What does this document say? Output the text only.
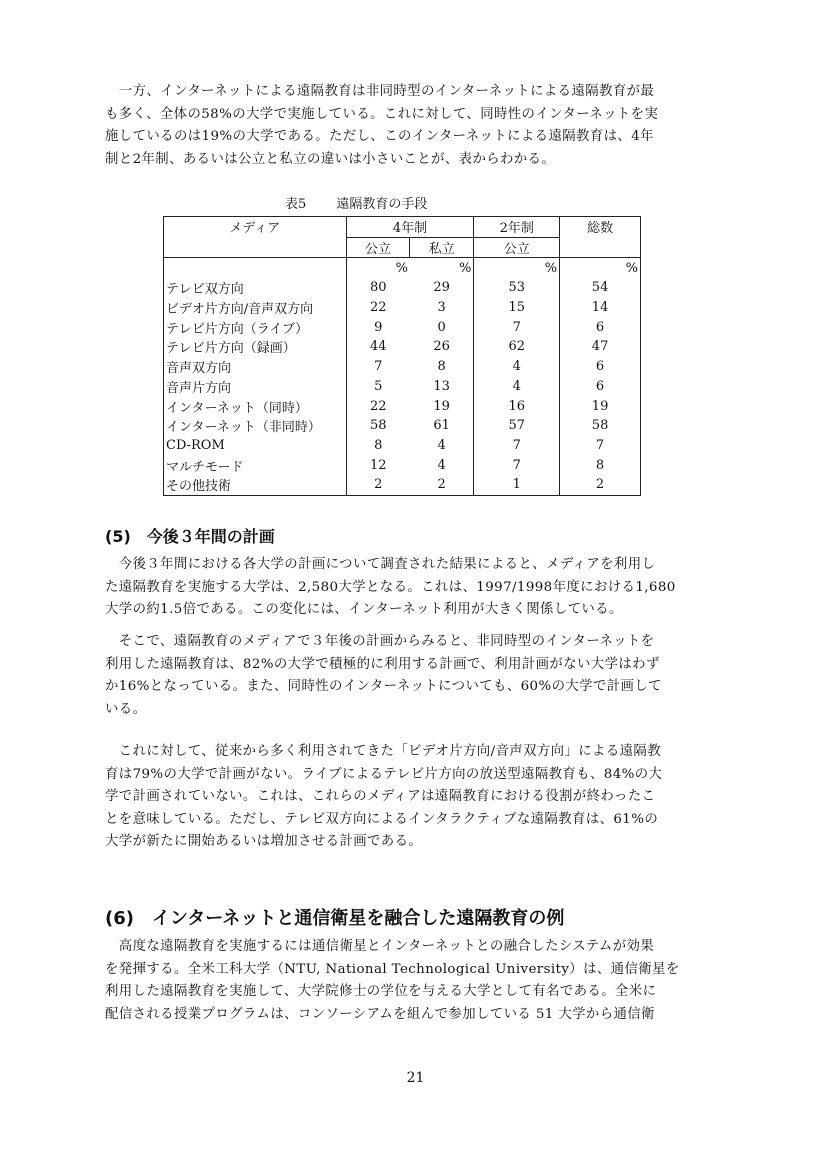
　一方、インターネットによる遠隔教育は非同時型のインターネットによる遠隔教育が最
も多く、全体の58%の大学で実施している。これに対して、同時性のインターネットを実
施しているのは19%の大学である。ただし、このインターネットによる遠隔教育は、4年
制と2年制、あるいは公立と私立の違いは小さいことが、表からわかる。
表5 遠隔教育の手段
メディア	4年制		2年制	総数
	公立	私立	公立	
	%	%	%	%
テレビ双方向	80	29	53	54
ビデオ片方向/音声双方向	22	3	15	14
テレビ片方向（ライブ）	9	0	7	6
テレビ片方向（録画）	44	26	62	47
音声双方向	7	8	4	6
音声片方向	5	13	4	6
インターネット（同時）	22	19	16	19
インターネット（非同時）	58	61	57	58
CD-ROM	8	4	7	7
マルチモード	12	4	7	8
その他技術	2	2	1	2
(5)　今後３年間の計画
　今後３年間における各大学の計画について調査された結果によると、メディアを利用し
た遠隔教育を実施する大学は、2,580大学となる。これは、1997/1998年度における1,680
大学の約1.5倍である。この変化には、インターネット利用が大きく関係している。
　そこで、遠隔教育のメディアで３年後の計画からみると、非同時型のインターネットを
利用した遠隔教育は、82%の大学で積極的に利用する計画で、利用計画がない大学はわず
か16%となっている。また、同時性のインターネットについても、60%の大学で計画して
いる。
　これに対して、従来から多く利用されてきた「ビデオ片方向/音声双方向」による遠隔教
育は79%の大学で計画がない。ライブによるテレビ片方向の放送型遠隔教育も、84%の大
学で計画されていない。これは、これらのメディアは遠隔教育における役割が終わったこ
とを意味している。ただし、テレビ双方向によるインタラクティブな遠隔教育は、61%の
大学が新たに開始あるいは増加させる計画である。
(6)　インターネットと通信衛星を融合した遠隔教育の例
　高度な遠隔教育を実施するには通信衛星とインターネットとの融合したシステムが効果
を発揮する。全米工科大学（NTU, National Technological University）は、通信衛星を
利用した遠隔教育を実施して、大学院修士の学位を与える大学として有名である。全米に
配信される授業プログラムは、コンソーシアムを組んで参加している 51 大学から通信衛
21
